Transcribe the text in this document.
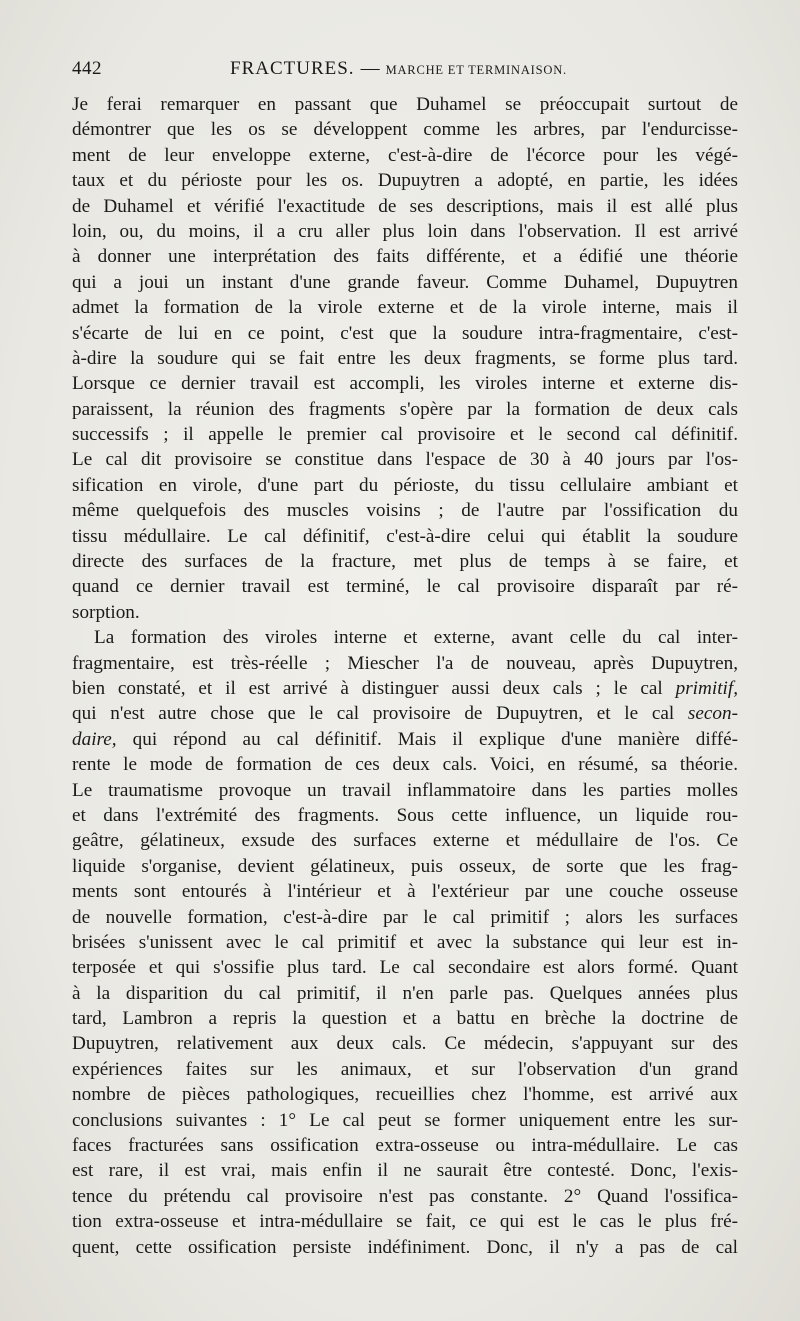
442	FRACTURES. — MARCHE ET TERMINAISON.
Je ferai remarquer en passant que Duhamel se préoccupait surtout de
démontrer que les os se développent comme les arbres, par l'endurcisse-
ment de leur enveloppe externe, c'est-à-dire de l'écorce pour les végé-
taux et du périoste pour les os. Dupuytren a adopté, en partie, les idées
de Duhamel et vérifié l'exactitude de ses descriptions, mais il est allé plus
loin, ou, du moins, il a cru aller plus loin dans l'observation. Il est arrivé
à donner une interprétation des faits différente, et a édifié une théorie
qui a joui un instant d'une grande faveur. Comme Duhamel, Dupuytren
admet la formation de la virole externe et de la virole interne, mais il
s'écarte de lui en ce point, c'est que la soudure intra-fragmentaire, c'est-
à-dire la soudure qui se fait entre les deux fragments, se forme plus tard.
Lorsque ce dernier travail est accompli, les viroles interne et externe dis-
paraissent, la réunion des fragments s'opère par la formation de deux cals
successifs ; il appelle le premier cal provisoire et le second cal définitif.
Le cal dit provisoire se constitue dans l'espace de 30 à 40 jours par l'os-
sification en virole, d'une part du périoste, du tissu cellulaire ambiant et
même quelquefois des muscles voisins ; de l'autre par l'ossification du
tissu médullaire. Le cal définitif, c'est-à-dire celui qui établit la soudure
directe des surfaces de la fracture, met plus de temps à se faire, et
quand ce dernier travail est terminé, le cal provisoire disparaît par ré-
sorption.
La formation des viroles interne et externe, avant celle du cal inter-
fragmentaire, est très-réelle ; Miescher l'a de nouveau, après Dupuytren,
bien constaté, et il est arrivé à distinguer aussi deux cals ; le cal primitif,
qui n'est autre chose que le cal provisoire de Dupuytren, et le cal secon-
daire, qui répond au cal définitif. Mais il explique d'une manière diffé-
rente le mode de formation de ces deux cals. Voici, en résumé, sa théorie.
Le traumatisme provoque un travail inflammatoire dans les parties molles
et dans l'extrémité des fragments. Sous cette influence, un liquide rou-
geâtre, gélatineux, exsude des surfaces externe et médullaire de l'os. Ce
liquide s'organise, devient gélatineux, puis osseux, de sorte que les frag-
ments sont entourés à l'intérieur et à l'extérieur par une couche osseuse
de nouvelle formation, c'est-à-dire par le cal primitif ; alors les surfaces
brisées s'unissent avec le cal primitif et avec la substance qui leur est in-
terposée et qui s'ossifie plus tard. Le cal secondaire est alors formé. Quant
à la disparition du cal primitif, il n'en parle pas. Quelques années plus
tard, Lambron a repris la question et a battu en brèche la doctrine de
Dupuytren, relativement aux deux cals. Ce médecin, s'appuyant sur des
expériences faites sur les animaux, et sur l'observation d'un grand
nombre de pièces pathologiques, recueillies chez l'homme, est arrivé aux
conclusions suivantes : 1° Le cal peut se former uniquement entre les sur-
faces fracturées sans ossification extra-osseuse ou intra-médullaire. Le cas
est rare, il est vrai, mais enfin il ne saurait être contesté. Donc, l'exis-
tence du prétendu cal provisoire n'est pas constante. 2° Quand l'ossifica-
tion extra-osseuse et intra-médullaire se fait, ce qui est le cas le plus fré-
quent, cette ossification persiste indéfiniment. Donc, il n'y a pas de cal
